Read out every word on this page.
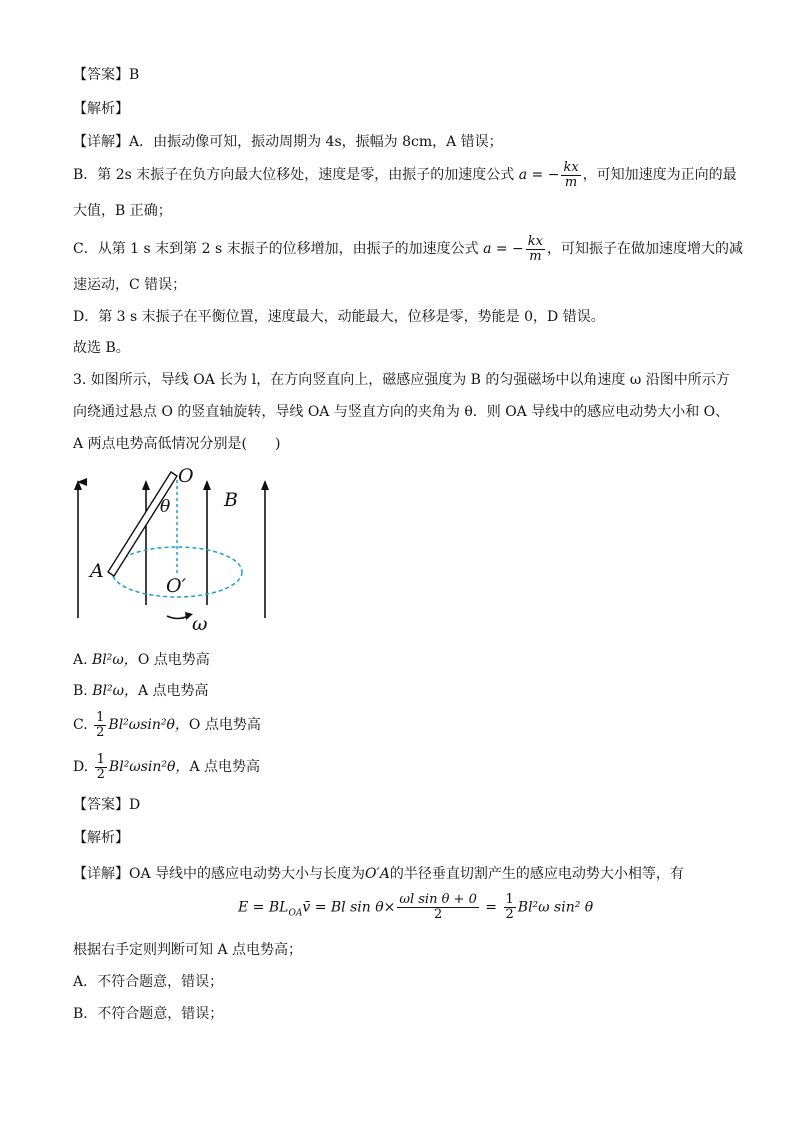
【答案】B
【解析】
【详解】A．由振动像可知，振动周期为 4s，振幅为 8cm，A 错误；
B．第 2s 末振子在负方向最大位移处，速度是零，由振子的加速度公式 a = − $\frac{kx}{m}$ ，可知加速度为正向的最
大值，B 正确；
C．从第 1 s 末到第 2 s 末振子的位移增加，由振子的加速度公式 a = − $\frac{kx}{m}$ ，可知振子在做加速度增大的减
速运动，C 错误；
D．第 3 s 末振子在平衡位置，速度最大，动能最大，位移是零，势能是 0，D 错误。
故选 B。
3. 如图所示，导线 OA 长为 l，在方向竖直向上，磁感应强度为 B 的匀强磁场中以角速度 ω 沿图中所示方
向绕通过悬点 O 的竖直轴旋转，导线 OA 与竖直方向的夹角为 θ．则 OA 导线中的感应电动势大小和 O、
A 两点电势高低情况分别是(　　)
O
θ	B
A
O′
ω
A. Bl²ω，O 点电势高
B. Bl²ω，A 点电势高
C. $\frac{1}{2} Bl^2\omega\sin^2\theta$，O 点电势高
D. $\frac{1}{2} Bl^2\omega\sin^2\theta$，A 点电势高
【答案】D
【解析】
【详解】OA 导线中的感应电动势大小与长度为O′A的半径垂直切割产生的感应电动势大小相等，有
$E = BL_{OA}v̄ = Bl$ $\sin \theta\times \frac{\text{ωl sin θ + 0}}{2} = \frac{1}{2} Bl^2\omega$ sin² θ
根据右手定则判断可知 A 点电势高；
A．不符合题意，错误；
B．不符合题意，错误；
